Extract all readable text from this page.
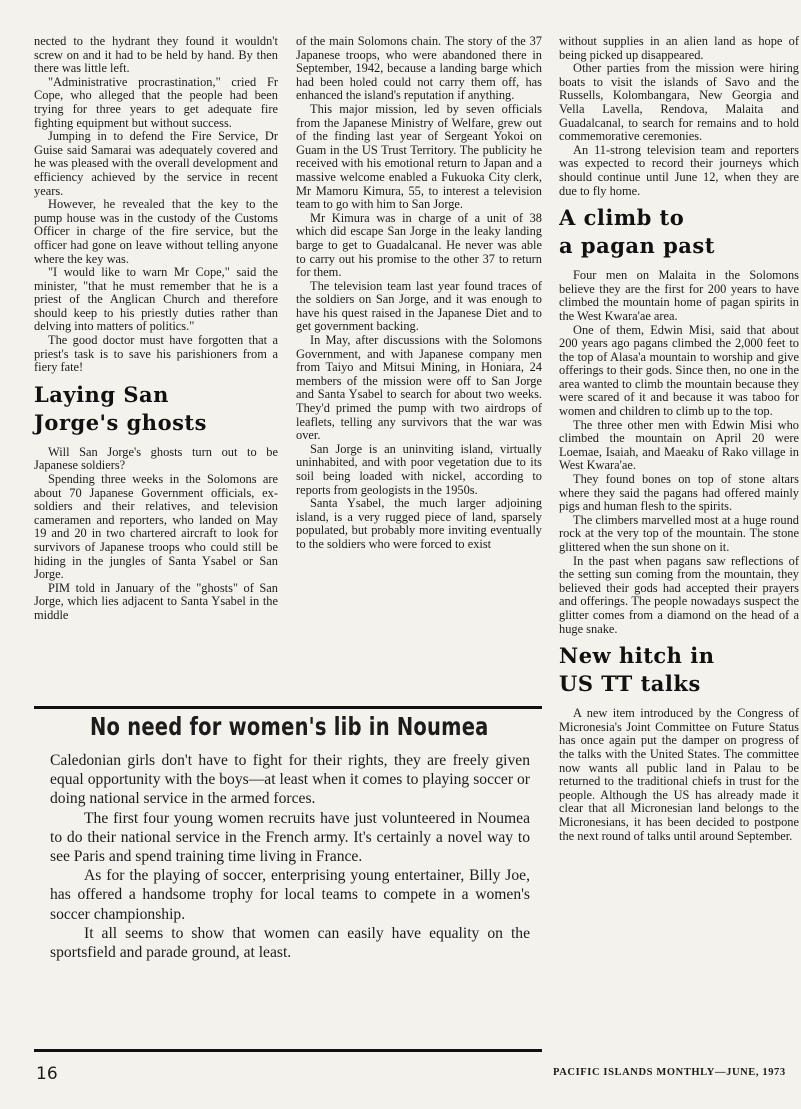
nected to the hydrant they found it wouldn't screw on and it had to be held by hand. By then there was little left.

"Administrative procrastination," cried Fr Cope, who alleged that the people had been trying for three years to get adequate fire fighting equipment but without success.

Jumping in to defend the Fire Service, Dr Guise said Samarai was adequately covered and he was pleased with the overall development and efficiency achieved by the service in recent years.

However, he revealed that the key to the pump house was in the custody of the Customs Officer in charge of the fire service, but the officer had gone on leave without telling anyone where the key was.

"I would like to warn Mr Cope," said the minister, "that he must remember that he is a priest of the Anglican Church and therefore should keep to his priestly duties rather than delving into matters of politics."

The good doctor must have forgotten that a priest's task is to save his parishioners from a fiery fate!

Laying San
Jorge's ghosts

Will San Jorge's ghosts turn out to be Japanese soldiers?

Spending three weeks in the Solomons are about 70 Japanese Government officials, ex-soldiers and their relatives, and television cameramen and reporters, who landed on May 19 and 20 in two chartered aircraft to look for survivors of Japanese troops who could still be hiding in the jungles of Santa Ysabel or San Jorge.

PIM told in January of the "ghosts" of San Jorge, which lies adjacent to Santa Ysabel in the middle

of the main Solomons chain. The story of the 37 Japanese troops, who were abandoned there in September, 1942, because a landing barge which had been holed could not carry them off, has enhanced the island's reputation if anything.

This major mission, led by seven officials from the Japanese Ministry of Welfare, grew out of the finding last year of Sergeant Yokoi on Guam in the US Trust Territory. The publicity he received with his emotional return to Japan and a massive welcome enabled a Fukuoka City clerk, Mr Mamoru Kimura, 55, to interest a television team to go with him to San Jorge.

Mr Kimura was in charge of a unit of 38 which did escape San Jorge in the leaky landing barge to get to Guadalcanal. He never was able to carry out his promise to the other 37 to return for them.

The television team last year found traces of the soldiers on San Jorge, and it was enough to have his quest raised in the Japanese Diet and to get government backing.

In May, after discussions with the Solomons Government, and with Japanese company men from Taiyo and Mitsui Mining, in Honiara, 24 members of the mission were off to San Jorge and Santa Ysabel to search for about two weeks. They'd primed the pump with two airdrops of leaflets, telling any survivors that the war was over.

San Jorge is an uninviting island, virtually uninhabited, and with poor vegetation due to its soil being loaded with nickel, according to reports from geologists in the 1950s.

Santa Ysabel, the much larger adjoining island, is a very rugged piece of land, sparsely populated, but probably more inviting eventually to the soldiers who were forced to exist

without supplies in an alien land as hope of being picked up disappeared.

Other parties from the mission were hiring boats to visit the islands of Savo and the Russells, Kolombangara, New Georgia and Vella Lavella, Rendova, Malaita and Guadalcanal, to search for remains and to hold commemorative ceremonies.

An 11-strong television team and reporters was expected to record their journeys which should continue until June 12, when they are due to fly home.

A climb to
a pagan past

Four men on Malaita in the Solomons believe they are the first for 200 years to have climbed the mountain home of pagan spirits in the West Kwara'ae area.

One of them, Edwin Misi, said that about 200 years ago pagans climbed the 2,000 feet to the top of Alasa'a mountain to worship and give offerings to their gods. Since then, no one in the area wanted to climb the mountain because they were scared of it and because it was taboo for women and children to climb up to the top.

The three other men with Edwin Misi who climbed the mountain on April 20 were Loemae, Isaiah, and Maeaku of Rako village in West Kwara'ae.

They found bones on top of stone altars where they said the pagans had offered mainly pigs and human flesh to the spirits.

The climbers marvelled most at a huge round rock at the very top of the mountain. The stone glittered when the sun shone on it.

In the past when pagans saw reflections of the setting sun coming from the mountain, they believed their gods had accepted their prayers and offerings. The people nowadays suspect the glitter comes from a diamond on the head of a huge snake.

New hitch in
US TT talks

A new item introduced by the Congress of Micronesia's Joint Committee on Future Status has once again put the damper on progress of the talks with the United States. The committee now wants all public land in Palau to be returned to the traditional chiefs in trust for the people. Although the US has already made it clear that all Micronesian land belongs to the Micronesians, it has been decided to postpone the next round of talks until around September.

No need for women's lib in Noumea

Caledonian girls don't have to fight for their rights, they are freely given equal opportunity with the boys—at least when it comes to playing soccer or doing national service in the armed forces.

The first four young women recruits have just volunteered in Noumea to do their national service in the French army. It's certainly a novel way to see Paris and spend training time living in France.

As for the playing of soccer, enterprising young entertainer, Billy Joe, has offered a handsome trophy for local teams to compete in a women's soccer championship.

It all seems to show that women can easily have equality on the sportsfield and parade ground, at least.

16	PACIFIC ISLANDS MONTHLY—JUNE, 1973
